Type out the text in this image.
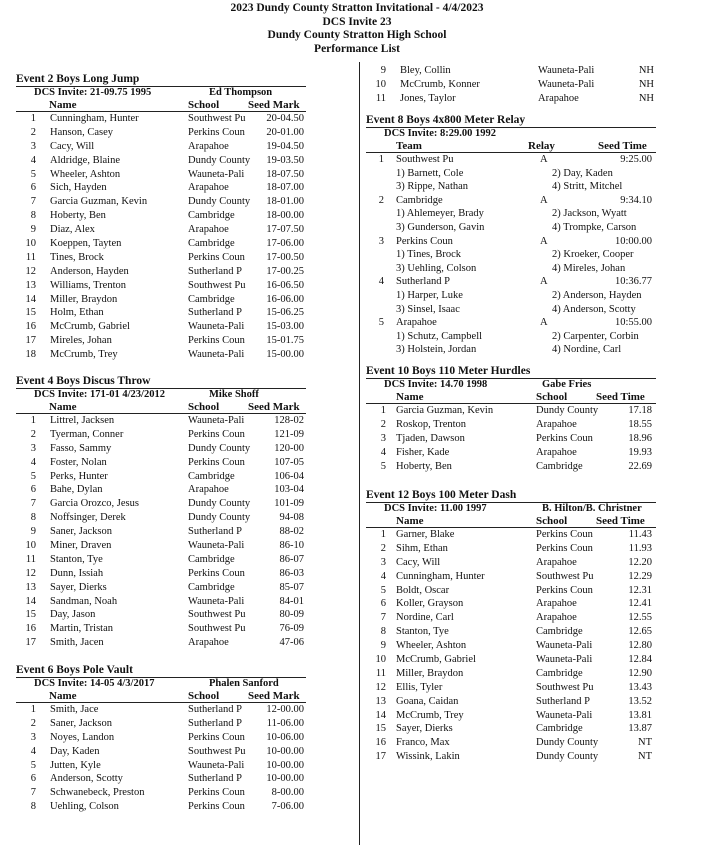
2023 Dundy County Stratton Invitational - 4/4/2023
DCS Invite 23
Dundy County Stratton High School
Performance List
Event 2 Boys Long Jump
DCS Invite: 21-09.75 1995	Ed Thompson
Name	School	Seed Mark
1 Cunningham, Hunter	Southwest Pu	20-04.50
2 Hanson, Casey	Perkins Coun	20-01.00
3 Cacy, Will	Arapahoe	19-04.50
4 Aldridge, Blaine	Dundy County	19-03.50
5 Wheeler, Ashton	Wauneta-Pali	18-07.50
6 Sich, Hayden	Arapahoe	18-07.00
7 Garcia Guzman, Kevin	Dundy County	18-01.00
8 Hoberty, Ben	Cambridge	18-00.00
9 Diaz, Alex	Arapahoe	17-07.50
10 Koeppen, Tayten	Cambridge	17-06.00
11 Tines, Brock	Perkins Coun	17-00.50
12 Anderson, Hayden	Sutherland P	17-00.25
13 Williams, Trenton	Southwest Pu	16-06.50
14 Miller, Braydon	Cambridge	16-06.00
15 Holm, Ethan	Sutherland P	15-06.25
16 McCrumb, Gabriel	Wauneta-Pali	15-03.00
17 Mireles, Johan	Perkins Coun	15-01.75
18 McCrumb, Trey	Wauneta-Pali	15-00.00
Event 4 Boys Discus Throw
DCS Invite: 171-01 4/23/2012	Mike Shoff
Name	School	Seed Mark
1 Littrel, Jacksen	Wauneta-Pali	128-02
2 Tyerman, Conner	Perkins Coun	121-09
3 Fasso, Sammy	Dundy County	120-00
4 Foster, Nolan	Perkins Coun	107-05
5 Perks, Hunter	Cambridge	106-04
6 Bahe, Dylan	Arapahoe	103-04
7 Garcia Orozco, Jesus	Dundy County	101-09
8 Noffsinger, Derek	Dundy County	94-08
9 Saner, Jackson	Sutherland P	88-02
10 Miner, Draven	Wauneta-Pali	86-10
11 Stanton, Tye	Cambridge	86-07
12 Dunn, Issiah	Perkins Coun	86-03
13 Sayer, Dierks	Cambridge	85-07
14 Sandman, Noah	Wauneta-Pali	84-01
15 Day, Jason	Southwest Pu	80-09
16 Martin, Tristan	Southwest Pu	76-09
17 Smith, Jacen	Arapahoe	47-06
Event 6 Boys Pole Vault
DCS Invite: 14-05 4/3/2017	Phalen Sanford
Name	School	Seed Mark
1 Smith, Jace	Sutherland P	12-00.00
2 Saner, Jackson	Sutherland P	11-06.00
3 Noyes, Landon	Perkins Coun	10-06.00
4 Day, Kaden	Southwest Pu	10-00.00
5 Jutten, Kyle	Wauneta-Pali	10-00.00
6 Anderson, Scotty	Sutherland P	10-00.00
7 Schwanebeck, Preston	Perkins Coun	8-00.00
8 Uehling, Colson	Perkins Coun	7-06.00
9 Bley, Collin	Wauneta-Pali	NH
10 McCrumb, Konner	Wauneta-Pali	NH
11 Jones, Taylor	Arapahoe	NH
Event 8 Boys 4x800 Meter Relay
DCS Invite: 8:29.00 1992
Team	Relay	Seed Time
1 Southwest Pu	A	9:25.00
1) Barnett, Cole	2) Day, Kaden
3) Rippe, Nathan	4) Stritt, Mitchel
2 Cambridge	A	9:34.10
1) Ahlemeyer, Brady	2) Jackson, Wyatt
3) Gunderson, Gavin	4) Trompke, Carson
3 Perkins Coun	A	10:00.00
1) Tines, Brock	2) Kroeker, Cooper
3) Uehling, Colson	4) Mireles, Johan
4 Sutherland P	A	10:36.77
1) Harper, Luke	2) Anderson, Hayden
3) Sinsel, Isaac	4) Anderson, Scotty
5 Arapahoe	A	10:55.00
1) Schutz, Campbell	2) Carpenter, Corbin
3) Holstein, Jordan	4) Nordine, Carl
Event 10 Boys 110 Meter Hurdles
DCS Invite: 14.70 1998	Gabe Fries
Name	School	Seed Time
1 Garcia Guzman, Kevin	Dundy County	17.18
2 Roskop, Trenton	Arapahoe	18.55
3 Tjaden, Dawson	Perkins Coun	18.96
4 Fisher, Kade	Arapahoe	19.93
5 Hoberty, Ben	Cambridge	22.69
Event 12 Boys 100 Meter Dash
DCS Invite: 11.00 1997	B. Hilton/B. Christner
Name	School	Seed Time
1 Garner, Blake	Perkins Coun	11.43
2 Sihm, Ethan	Perkins Coun	11.93
3 Cacy, Will	Arapahoe	12.20
4 Cunningham, Hunter	Southwest Pu	12.29
5 Boldt, Oscar	Perkins Coun	12.31
6 Koller, Grayson	Arapahoe	12.41
7 Nordine, Carl	Arapahoe	12.55
8 Stanton, Tye	Cambridge	12.65
9 Wheeler, Ashton	Wauneta-Pali	12.80
10 McCrumb, Gabriel	Wauneta-Pali	12.84
11 Miller, Braydon	Cambridge	12.90
12 Ellis, Tyler	Southwest Pu	13.43
13 Goana, Caidan	Sutherland P	13.52
14 McCrumb, Trey	Wauneta-Pali	13.81
15 Sayer, Dierks	Cambridge	13.87
16 Franco, Max	Dundy County	NT
17 Wissink, Lakin	Dundy County	NT
